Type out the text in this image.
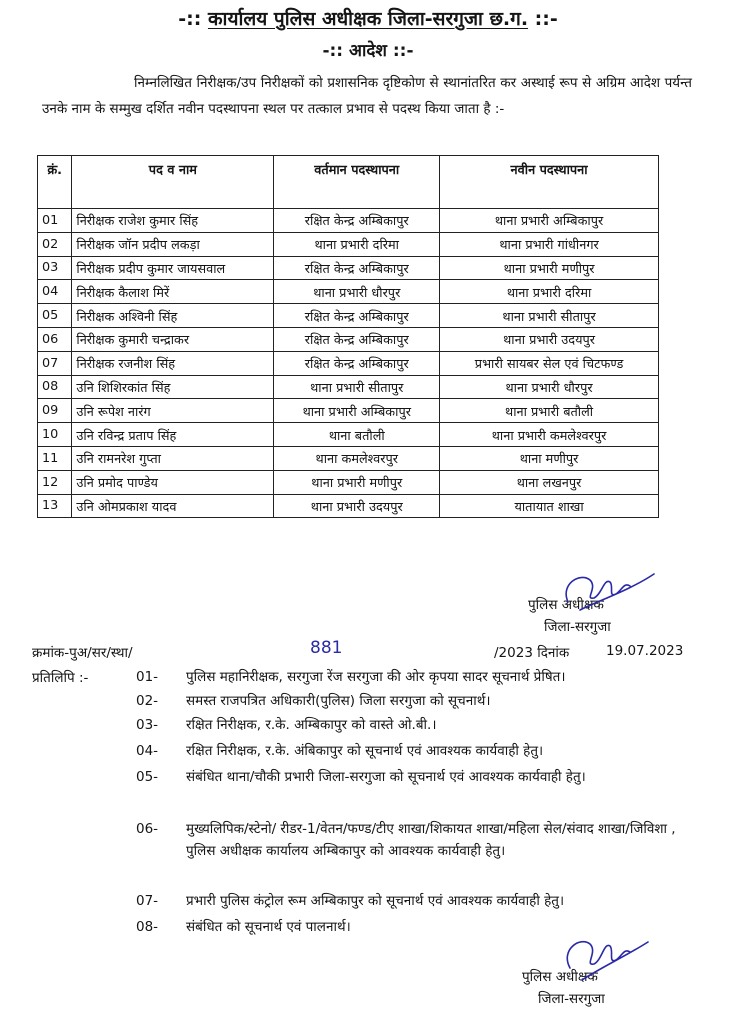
-:: कार्यालय पुलिस अधीक्षक जिला-सरगुजा छ.ग. ::-
-:: आदेश ::-
निम्नलिखित निरीक्षक/उप निरीक्षकों को प्रशासनिक दृष्टिकोण से स्थानांतरित कर अस्थाई रूप से अग्रिम आदेश पर्यन्त उनके नाम के सम्मुख दर्शित नवीन पदस्थापना स्थल पर तत्काल प्रभाव से पदस्थ किया जाता है :-
क्रं.	पद व नाम	वर्तमान पदस्थापना	नवीन पदस्थापना
01	निरीक्षक राजेश कुमार सिंह	रक्षित केन्द्र अम्बिकापुर	थाना प्रभारी अम्बिकापुर
02	निरीक्षक जॉन प्रदीप लकड़ा	थाना प्रभारी दरिमा	थाना प्रभारी गांधीनगर
03	निरीक्षक प्रदीप कुमार जायसवाल	रक्षित केन्द्र अम्बिकापुर	थाना प्रभारी मणीपुर
04	निरीक्षक कैलाश मिरें	थाना प्रभारी धौरपुर	थाना प्रभारी दरिमा
05	निरीक्षक अश्विनी सिंह	रक्षित केन्द्र अम्बिकापुर	थाना प्रभारी सीतापुर
06	निरीक्षक कुमारी चन्द्राकर	रक्षित केन्द्र अम्बिकापुर	थाना प्रभारी उदयपुर
07	निरीक्षक रजनीश सिंह	रक्षित केन्द्र अम्बिकापुर	प्रभारी सायबर सेल एवं चिटफण्ड
08	उनि शिशिरकांत सिंह	थाना प्रभारी सीतापुर	थाना प्रभारी धौरपुर
09	उनि रूपेश नारंग	थाना प्रभारी अम्बिकापुर	थाना प्रभारी बतौली
10	उनि रविन्द्र प्रताप सिंह	थाना बतौली	थाना प्रभारी कमलेश्वरपुर
11	उनि रामनरेश गुप्ता	थाना कमलेश्वरपुर	थाना मणीपुर
12	उनि प्रमोद पाण्डेय	थाना प्रभारी मणीपुर	थाना लखनपुर
13	उनि ओमप्रकाश यादव	थाना प्रभारी उदयपुर	यातायात शाखा
पुलिस अधीक्षक
जिला-सरगुजा
क्रमांक-पुअ/सर/स्था/	881	/2023 दिनांक	19.07.2023
प्रतिलिपि :-	01-	पुलिस महानिरीक्षक, सरगुजा रेंज सरगुजा की ओर कृपया सादर सूचनार्थ प्रेषित।
02-	समस्त राजपत्रित अधिकारी(पुलिस) जिला सरगुजा को सूचनार्थ।
03-	रक्षित निरीक्षक, र.के. अम्बिकापुर को वास्ते ओ.बी.।
04-	रक्षित निरीक्षक, र.के. अंबिकापुर को सूचनार्थ एवं आवश्यक कार्यवाही हेतु।
05-	संबंधित थाना/चौकी प्रभारी जिला-सरगुजा को सूचनार्थ एवं आवश्यक कार्यवाही हेतु।
06-	मुख्यलिपिक/स्टेनो/ रीडर-1/वेतन/फण्ड/टीए शाखा/शिकायत शाखा/महिला सेल/संवाद शाखा/जिविशा , पुलिस अधीक्षक कार्यालय अम्बिकापुर को आवश्यक कार्यवाही हेतु।
07-	प्रभारी पुलिस कंट्रोल रूम अम्बिकापुर को सूचनार्थ एवं आवश्यक कार्यवाही हेतु।
08-	संबंधित को सूचनार्थ एवं पालनार्थ।
पुलिस अधीक्षक
जिला-सरगुजा
